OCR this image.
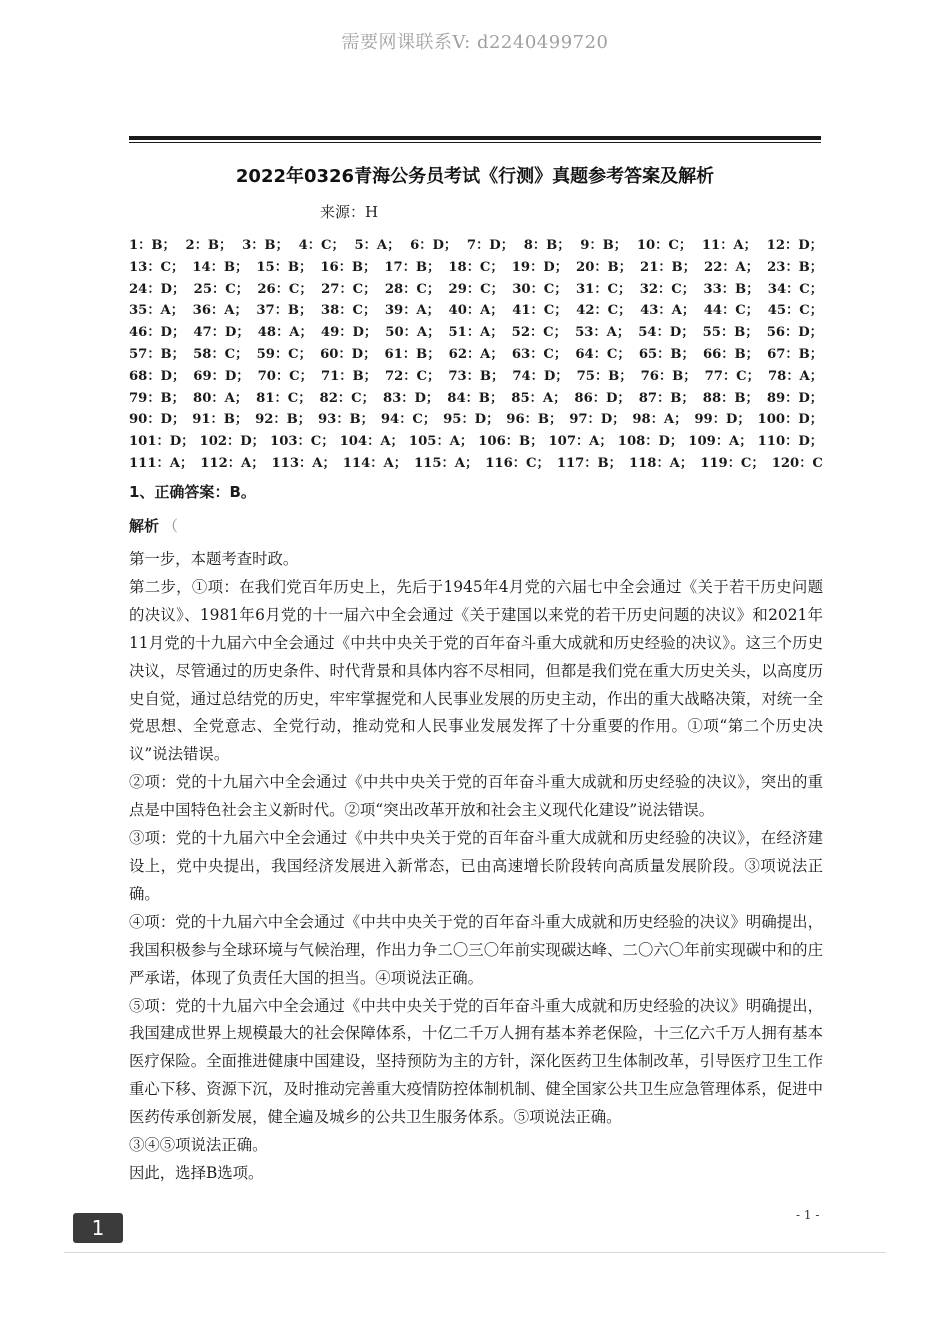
需要网课联系V: d2240499720
2022年0326青海公务员考试《行测》真题参考答案及解析
来源：H
1：B； 2：B； 3：B； 4：C； 5：A； 6：D； 7：D； 8：B； 9：B； 10：C； 11：A； 12：D；
13：C； 14：B； 15：B； 16：B； 17：B； 18：C； 19：D； 20：B； 21：B； 22：A； 23：B；
24：D； 25：C； 26：C； 27：C； 28：C； 29：C； 30：C； 31：C； 32：C； 33：B； 34：C；
35：A； 36：A； 37：B； 38：C； 39：A； 40：A； 41：C； 42：C； 43：A； 44：C； 45：C；
46：D； 47：D； 48：A； 49：D； 50：A； 51：A； 52：C； 53：A； 54：D； 55：B； 56：D；
57：B； 58：C； 59：C； 60：D； 61：B； 62：A； 63：C； 64：C； 65：B； 66：B； 67：B；
68：D； 69：D； 70：C； 71：B； 72：C； 73：B； 74：D； 75：B； 76：B； 77：C； 78：A；
79：B； 80：A； 81：C； 82：C； 83：D； 84：B； 85：A； 86：D； 87：B； 88：B； 89：D；
90：D； 91：B； 92：B； 93：B； 94：C； 95：D； 96：B； 97：D； 98：A； 99：D； 100：D；
101：D； 102：D； 103：C； 104：A； 105：A； 106：B； 107：A； 108：D； 109：A； 110：D；
111：A； 112：A； 113：A； 114：A； 115：A； 116：C； 117：B； 118：A； 119：C； 120：C
1、正确答案：B。
解析 （

第一步，本题考查时政。

第二步，①项：在我们党百年历史上，先后于1945年4月党的六届七中全会通过《关于若干历史问题的决议》、1981年6月党的十一届六中全会通过《关于建国以来党的若干历史问题的决议》和2021年11月党的十九届六中全会通过《中共中央关于党的百年奋斗重大成就和历史经验的决议》。这三个历史决议，尽管通过的历史条件、时代背景和具体内容不尽相同，但都是我们党在重大历史关头，以高度历史自觉，通过总结党的历史，牢牢掌握党和人民事业发展的历史主动，作出的重大战略决策，对统一全党思想、全党意志、全党行动，推动党和人民事业发展发挥了十分重要的作用。①项“第二个历史决议”说法错误。

②项：党的十九届六中全会通过《中共中央关于党的百年奋斗重大成就和历史经验的决议》，突出的重点是中国特色社会主义新时代。②项“突出改革开放和社会主义现代化建设”说法错误。

③项：党的十九届六中全会通过《中共中央关于党的百年奋斗重大成就和历史经验的决议》，在经济建设上，党中央提出，我国经济发展进入新常态，已由高速增长阶段转向高质量发展阶段。③项说法正确。

④项：党的十九届六中全会通过《中共中央关于党的百年奋斗重大成就和历史经验的决议》明确提出，我国积极参与全球环境与气候治理，作出力争二〇三〇年前实现碳达峰、二〇六〇年前实现碳中和的庄严承诺，体现了负责任大国的担当。④项说法正确。

⑤项：党的十九届六中全会通过《中共中央关于党的百年奋斗重大成就和历史经验的决议》明确提出，我国建成世界上规模最大的社会保障体系，十亿二千万人拥有基本养老保险，十三亿六千万人拥有基本医疗保险。全面推进健康中国建设，坚持预防为主的方针，深化医药卫生体制改革，引导医疗卫生工作重心下移、资源下沉，及时推动完善重大疫情防控体制机制、健全国家公共卫生应急管理体系，促进中医药传承创新发展，健全遍及城乡的公共卫生服务体系。⑤项说法正确。

③④⑤项说法正确。

因此，选择B选项。

1
- 1 -
